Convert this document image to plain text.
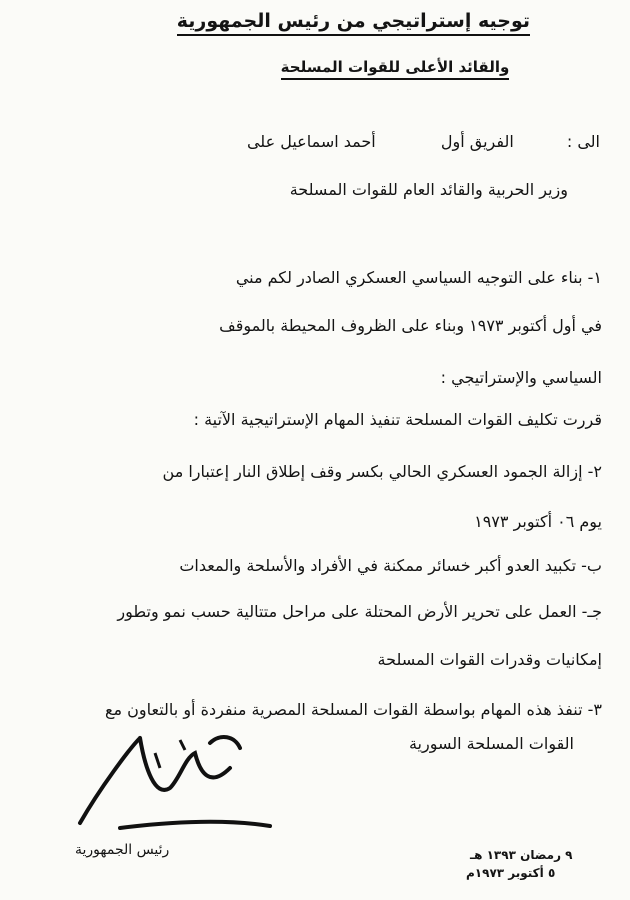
توجيه إستراتيجي من رئيس الجمهورية
والقائد الأعلى للقوات المسلحة
الى : الفريق أول أحمد اسماعيل على
وزير الحربية والقائد العام للقوات المسلحة
١- بناء على التوجيه السياسي العسكري الصادر لكم مني
في أول أكتوبر ١٩٧٣ وبناء على الظروف المحيطة بالموقف
السياسي والإستراتيجي :
قررت تكليف القوات المسلحة تنفيذ المهام الإستراتيجية الآتية :
٢- إزالة الجمود العسكري الحالي بكسر وقف إطلاق النار إعتبارا من
يوم ٠٦ أكتوبر ١٩٧٣
ب- تكبيد العدو أكبر خسائر ممكنة في الأفراد والأسلحة والمعدات
جـ- العمل على تحرير الأرض المحتلة على مراحل متتالية حسب نمو وتطور
إمكانيات وقدرات القوات المسلحة
٣- تنفذ هذه المهام بواسطة القوات المسلحة المصرية منفردة أو بالتعاون مع
القوات المسلحة السورية
رئيس الجمهورية	٩ رمضان ١٣٩٣ هـ
٥ أكتوبر ١٩٧٣م
